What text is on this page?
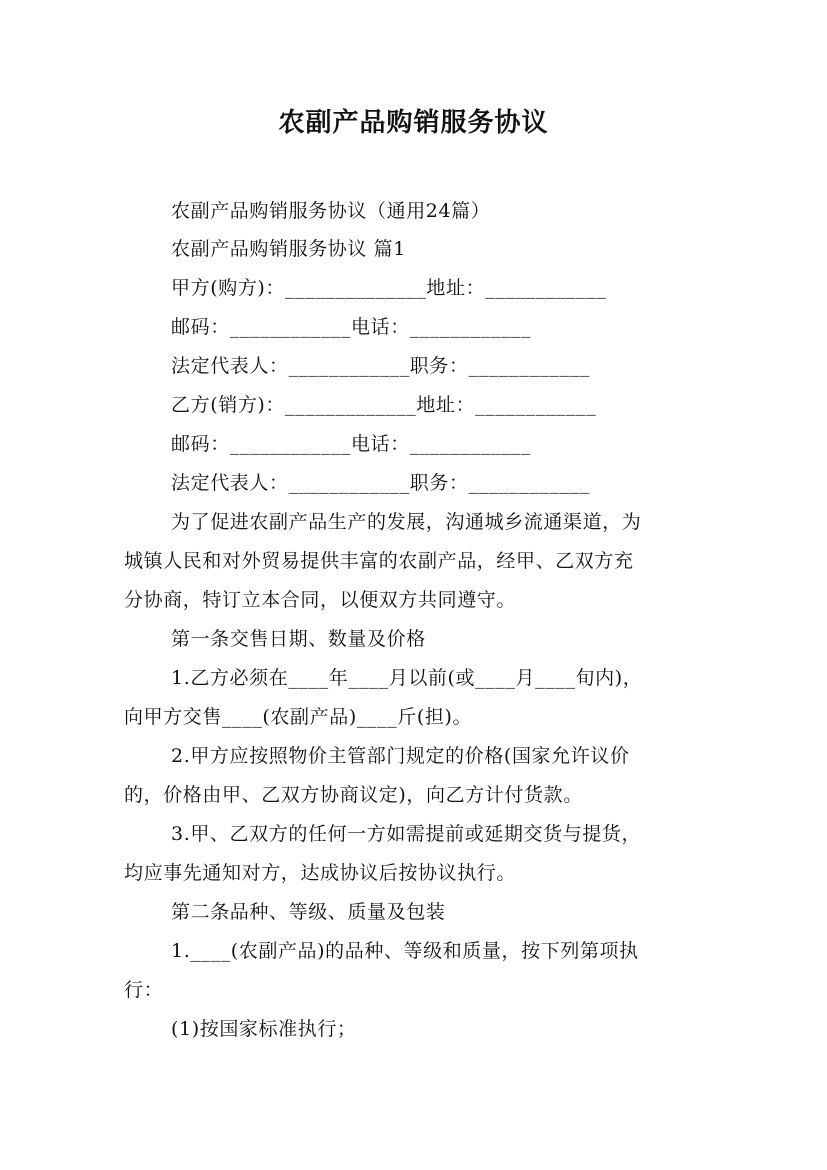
农副产品购销服务协议
农副产品购销服务协议（通用24篇）
农副产品购销服务协议 篇1
甲方(购方)：______________地址：____________
邮码：____________电话：____________
法定代表人：____________职务：____________
乙方(销方)：_____________地址：____________
邮码：____________电话：____________
法定代表人：____________职务：____________
为了促进农副产品生产的发展，沟通城乡流通渠道，为
城镇人民和对外贸易提供丰富的农副产品，经甲、乙双方充
分协商，特订立本合同，以便双方共同遵守。
第一条交售日期、数量及价格
1.乙方必须在____年____月以前(或____月____旬内)，
向甲方交售____(农副产品)____斤(担)。
2.甲方应按照物价主管部门规定的价格(国家允许议价
的，价格由甲、乙双方协商议定)，向乙方计付货款。
3.甲、乙双方的任何一方如需提前或延期交货与提货，
均应事先通知对方，达成协议后按协议执行。
第二条品种、等级、质量及包装
1.____(农副产品)的品种、等级和质量，按下列第项执
行：
(1)按国家标准执行；
